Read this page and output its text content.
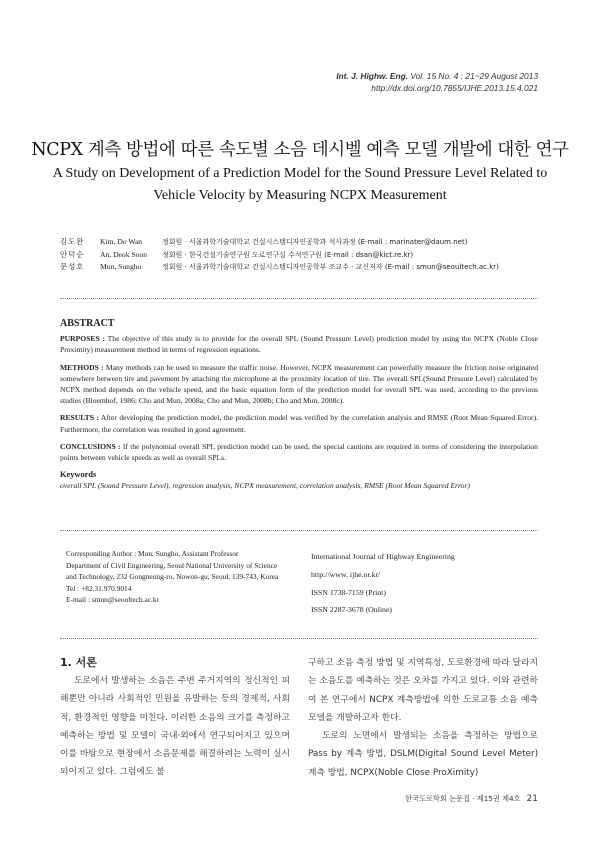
Int. J. Highw. Eng. Vol. 15 No. 4 : 21~29 August 2013
http://dx.doi.org/10.7855/IJHE.2013.15.4.021
NCPX 계측 방법에 따른 속도별 소음 데시벨 예측 모델 개발에 대한 연구
A Study on Development of a Prediction Model for the Sound Pressure Level Related to Vehicle Velocity by Measuring NCPX Measurement
김도완	Kim, Do Wan	정회원 · 서울과학기술대학교 건설시스템디자인공학과 석사과정 (E-mail : marinater@daum.net)
안덕순	An, Deok Soon	정회원 · 한국건설기술연구원 도로연구실 수석연구원 (E-mail : dsan@kict.re.kr)
문성호	Mun, Sungho	정회원 · 서울과학기술대학교 건설시스템디자인공학부 조교수 · 교신저자 (E-mail : smun@seoultech.ac.kr)
ABSTRACT

PURPOSES : The objective of this study is to provide for the overall SPL (Sound Pressure Level) prediction model by using the NCPX (Noble Close Proximity) measurement method in terms of regression equations.

METHODS : Many methods can be used to measure the traffic noise. However, NCPX measurement can powerfully measure the friction noise originated somewhere between tire and pavement by attaching the microphone at the proximity location of tire. The overall SPL(Sound Pressure Level) calculated by NCPX method depends on the vehicle speed, and the basic equation form of the prediction model for overall SPL was used, according to the previous studies (Bloemhof, 1986; Cho and Mun, 2008a; Cho and Mun, 2008b; Cho and Mun, 2008c).

RESULTS : After developing the prediction model, the prediction model was verified by the correlation analysis and RMSE (Root Mean Squared Error). Furthermore, the correlation was resulted in good agreement.

CONCLUSIONS : If the polynomial overall SPL prediction model can be used, the special cautions are required in terms of considering the interpolation points between vehicle speeds as well as overall SPLs.

Keywords
overall SPL (Sound Pressure Level), regression analysis, NCPX measurement, correlation analysis, RMSE (Root Mean Squared Error)
Corresponding Author : Mun, Sungho, Assistant Professor
Department of Civil Engineering, Seoul National University of Science
and Technology, 232 Gongneung-ro, Nowon-gu, Seoul, 139-743, Korea
Tel : +82.31.970.9014
E-mail : smun@seoultech.ac.kr
International Journal of Highway Engineering
http://www. ijhe.or.kr/
ISSN 1738-7159 (Print)
ISSN 2287-3678 (Online)
1. 서론

도로에서 발생하는 소음은 주변 주거지역의 정신적인 피해뿐만 아니라 사회적인 민원을 유발하는 등의 경제적, 사회적, 환경적인 영향을 미친다. 이러한 소음의 크기를 측정하고 예측하는 방법 및 모델이 국내·외에서 연구되어지고 있으며 이를 바탕으로 현장에서 소음문제를 해결하려는 노력이 실시되어지고 있다. 그럼에도 불

구하고 소음 측정 방법 및 지역특성, 도로환경에 따라 달라지는 소음도를 예측하는 것은 오차를 가지고 있다. 이와 관련하여 본 연구에서 NCPX 계측방법에 의한 도로교통 소음 예측 모델을 개발하고자 한다.

도로의 노면에서 발생되는 소음을 측정하는 방법으로 Pass by 계측 방법, DSLM(Digital Sound Level Meter) 계측 방법, NCPX(Noble Close ProXimity)

한국도로학회 논문집 · 제15권 제4호 21
